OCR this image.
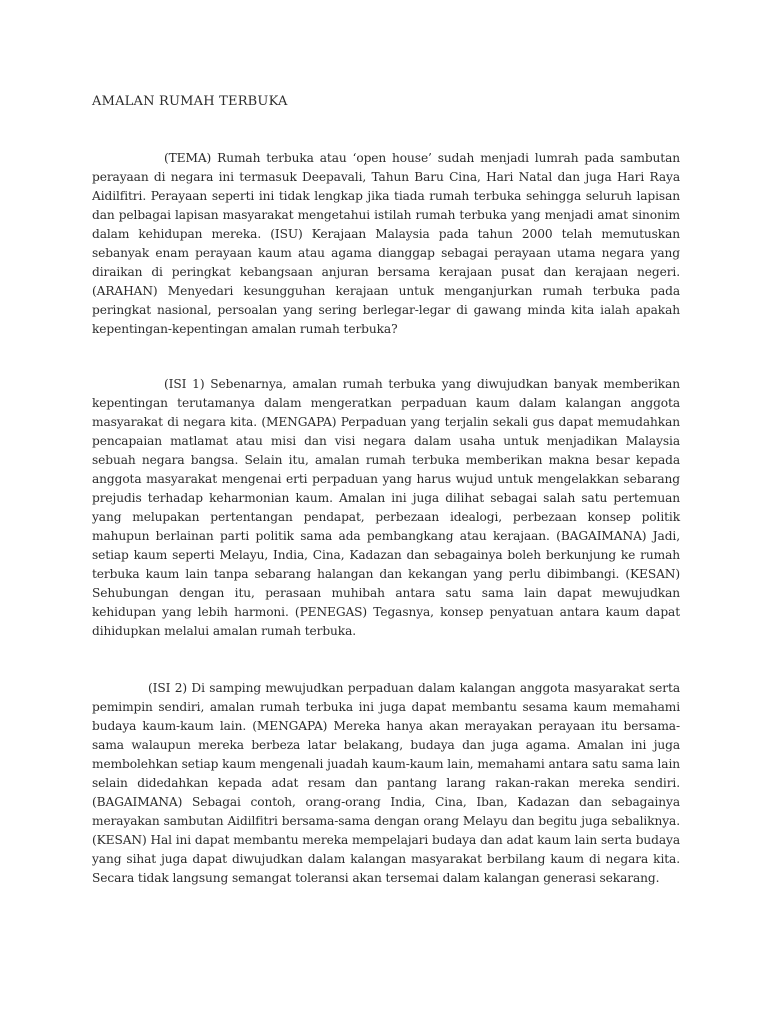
AMALAN RUMAH TERBUKA

(TEMA) Rumah terbuka atau ‘open house’ sudah menjadi lumrah pada sambutan perayaan di negara ini termasuk Deepavali, Tahun Baru Cina, Hari Natal dan juga Hari Raya Aidilfitri. Perayaan seperti ini tidak lengkap jika tiada rumah terbuka sehingga seluruh lapisan dan pelbagai lapisan masyarakat mengetahui istilah rumah terbuka yang menjadi amat sinonim dalam kehidupan mereka. (ISU) Kerajaan Malaysia pada tahun 2000 telah memutuskan sebanyak enam perayaan kaum atau agama dianggap sebagai perayaan utama negara yang diraikan di peringkat kebangsaan anjuran bersama kerajaan pusat dan kerajaan negeri. (ARAHAN) Menyedari kesungguhan kerajaan untuk menganjurkan rumah terbuka pada peringkat nasional, persoalan yang sering berlegar-legar di gawang minda kita ialah apakah kepentingan-kepentingan amalan rumah terbuka?

(ISI 1) Sebenarnya, amalan rumah terbuka yang diwujudkan banyak memberikan kepentingan terutamanya dalam mengeratkan perpaduan kaum dalam kalangan anggota masyarakat di negara kita. (MENGAPA) Perpaduan yang terjalin sekali gus dapat memudahkan pencapaian matlamat atau misi dan visi negara dalam usaha untuk menjadikan Malaysia sebuah negara bangsa. Selain itu, amalan rumah terbuka memberikan makna besar kepada anggota masyarakat mengenai erti perpaduan yang harus wujud untuk mengelakkan sebarang prejudis terhadap keharmonian kaum. Amalan ini juga dilihat sebagai salah satu pertemuan yang melupakan pertentangan pendapat, perbezaan idealogi, perbezaan konsep politik mahupun berlainan parti politik sama ada pembangkang atau kerajaan. (BAGAIMANA) Jadi, setiap kaum seperti Melayu, India, Cina, Kadazan dan sebagainya boleh berkunjung ke rumah terbuka kaum lain tanpa sebarang halangan dan kekangan yang perlu dibimbangi. (KESAN) Sehubungan dengan itu, perasaan muhibah antara satu sama lain dapat mewujudkan kehidupan yang lebih harmoni. (PENEGAS) Tegasnya, konsep penyatuan antara kaum dapat dihidupkan melalui amalan rumah terbuka.

(ISI 2) Di samping mewujudkan perpaduan dalam kalangan anggota masyarakat serta pemimpin sendiri, amalan rumah terbuka ini juga dapat membantu sesama kaum memahami budaya kaum-kaum lain. (MENGAPA) Mereka hanya akan merayakan perayaan itu bersama-sama walaupun mereka berbeza latar belakang, budaya dan juga agama. Amalan ini juga membolehkan setiap kaum mengenali juadah kaum-kaum lain, memahami antara satu sama lain selain didedahkan kepada adat resam dan pantang larang rakan-rakan mereka sendiri. (BAGAIMANA) Sebagai contoh, orang-orang India, Cina, Iban, Kadazan dan sebagainya merayakan sambutan Aidilfitri bersama-sama dengan orang Melayu dan begitu juga sebaliknya. (KESAN) Hal ini dapat membantu mereka mempelajari budaya dan adat kaum lain serta budaya yang sihat juga dapat diwujudkan dalam kalangan masyarakat berbilang kaum di negara kita. Secara tidak langsung semangat toleransi akan tersemai dalam kalangan generasi sekarang.
